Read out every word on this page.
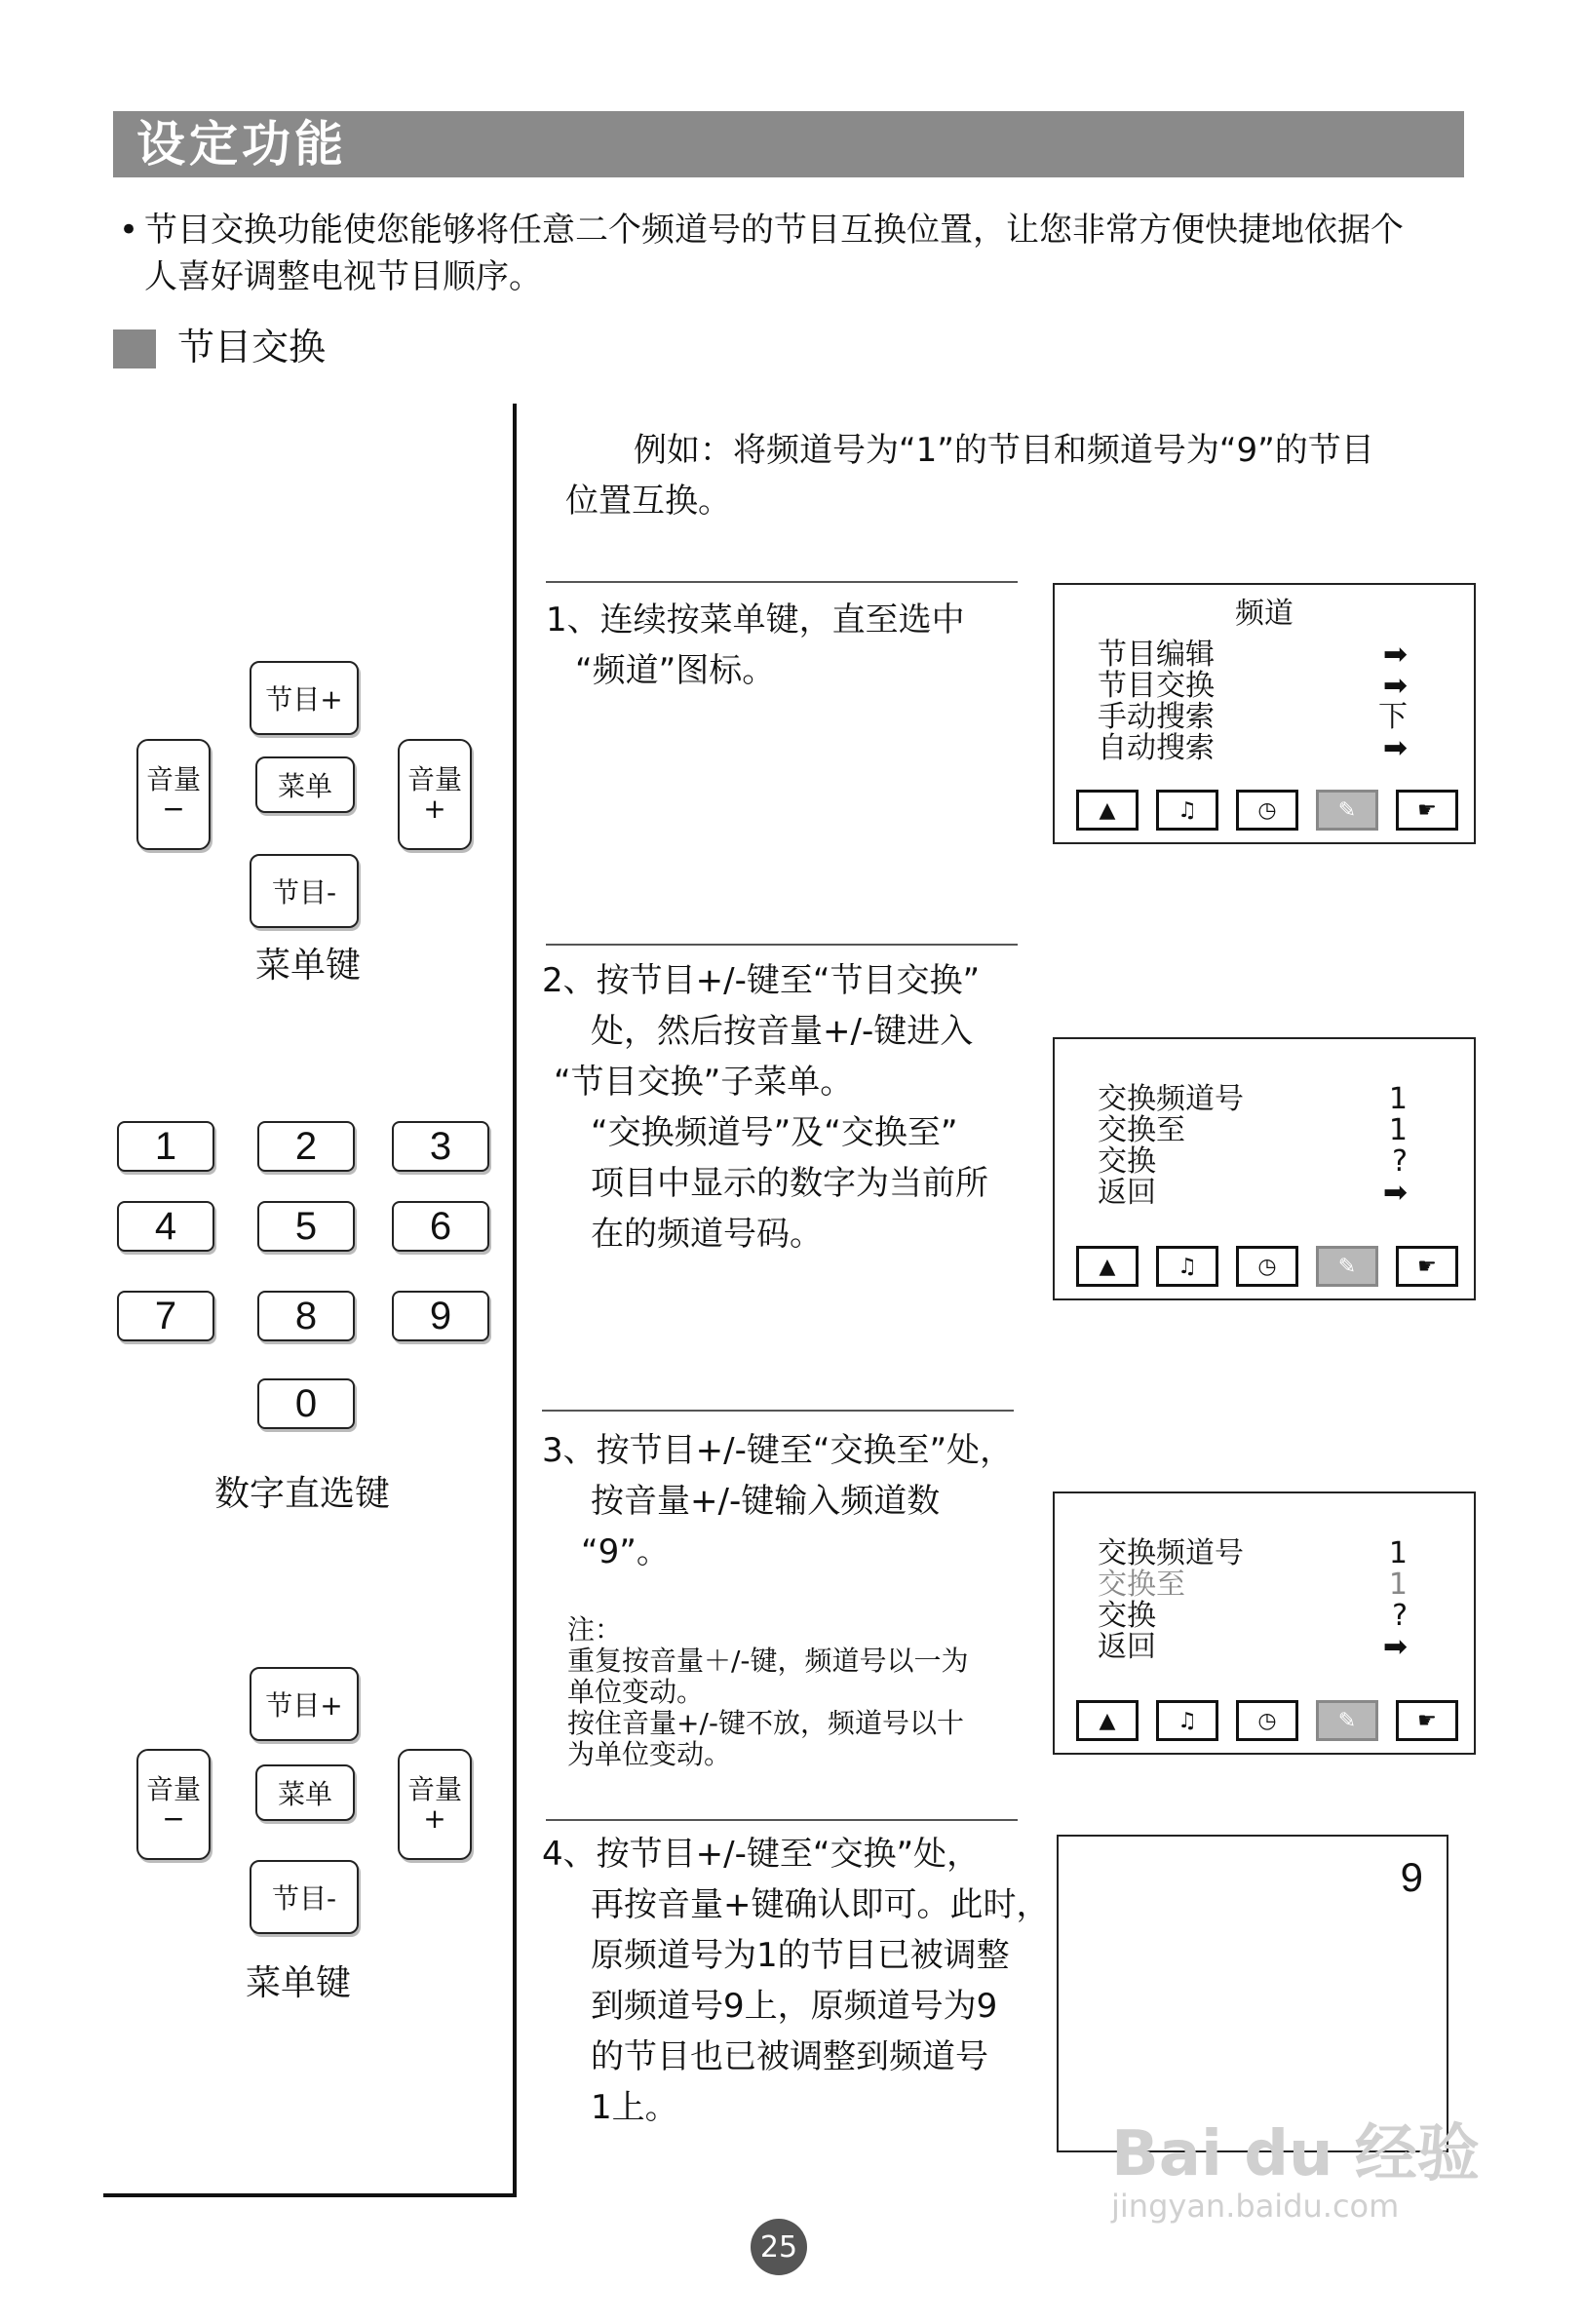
设定功能
• 节目交换功能使您能够将任意二个频道号的节目互换位置，让您非常方便快捷地依据个
人喜好调整电视节目顺序。
节目交换
例如：将频道号为“1”的节目和频道号为“9”的节目
位置互换。
1、连续按菜单键，直至选中
“频道”图标。
频道
节目编辑	➡
节目交换	➡
手动搜索	下
自动搜索	➡
▲	♫	◷	✎	☛
2、按节目+/-键至“节目交换”
处，然后按音量+/-键进入
“节目交换”子菜单。
“交换频道号”及“交换至”
项目中显示的数字为当前所
在的频道号码。
交换频道号	1
交换至	1
交换	?
返回	➡
▲	♫	◷	✎	☛
3、按节目+/-键至“交换至”处，
按音量+/-键输入频道数
“9”。
注：
重复按音量＋/-键，频道号以一为
单位变动。
按住音量+/-键不放，频道号以十
为单位变动。
交换频道号	1
交换至	1
交换	?
返回	➡
▲	♫	◷	✎	☛
4、按节目+/-键至“交换”处，
再按音量+键确认即可。此时，
原频道号为1的节目已被调整
到频道号9上，原频道号为9
的节目也已被调整到频道号
1上。
9
节目+
菜单
节目-
音量
−
音量
+
菜单键
1	2	3
4	5	6
7	8	9
0
数字直选键
节目+
菜单
节目-
音量
−
音量
+
菜单键
25
Bai du 经验
jingyan.baidu.com
